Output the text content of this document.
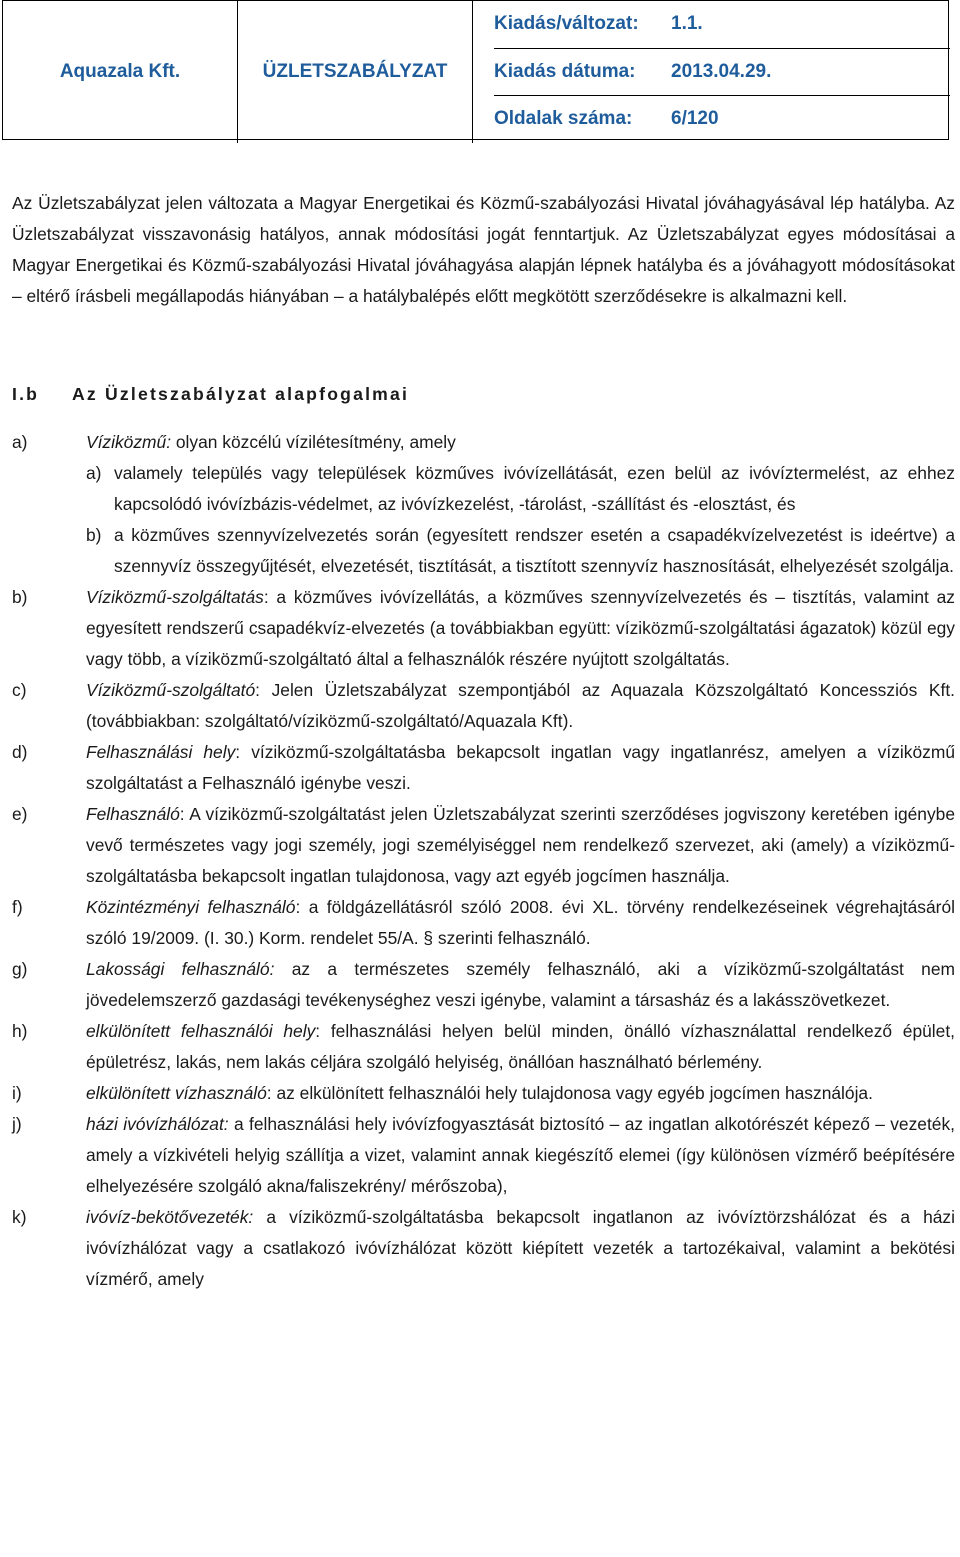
Aquazala Kft.	ÜZLETSZABÁLYZAT
Kiadás/változat:	1.1.
Kiadás dátuma:	2013.04.29.
Oldalak száma:	6/120

Az Üzletszabályzat jelen változata a Magyar Energetikai és Közmű-szabályozási Hivatal jóváhagyásával lép hatályba. Az Üzletszabályzat visszavonásig hatályos, annak módosítási jogát fenntartjuk. Az Üzletszabályzat egyes módosításai a Magyar Energetikai és Közmű-szabályozási Hivatal jóváhagyása alapján lépnek hatályba és a jóváhagyott módosításokat – eltérő írásbeli megállapodás hiányában – a hatálybalépés előtt megkötött szerződésekre is alkalmazni kell.

I.b Az Üzletszabályzat alapfogalmai
a)	Víziközmű: olyan közcélú vízilétesítmény, amely
a) valamely település vagy települések közműves ivóvízellátását, ezen belül az ivóvíztermelést, az ehhez kapcsolódó ivóvízbázis-védelmet, az ivóvízkezelést, -tárolást, -szállítást és -elosztást, és
b) a közműves szennyvízelvezetés során (egyesített rendszer esetén a csapadékvízelvezetést is ideértve) a szennyvíz összegyűjtését, elvezetését, tisztítását, a tisztított szennyvíz hasznosítását, elhelyezését szolgálja.
b)	Víziközmű-szolgáltatás: a közműves ivóvízellátás, a közműves szennyvízelvezetés és – tisztítás, valamint az egyesített rendszerű csapadékvíz-elvezetés (a továbbiakban együtt: víziközmű-szolgáltatási ágazatok) közül egy vagy több, a víziközmű-szolgáltató által a felhasználók részére nyújtott szolgáltatás.
c)	Víziközmű-szolgáltató: Jelen Üzletszabályzat szempontjából az Aquazala Közszolgáltató Koncessziós Kft. (továbbiakban: szolgáltató/víziközmű-szolgáltató/Aquazala Kft).
d)	Felhasználási hely: víziközmű-szolgáltatásba bekapcsolt ingatlan vagy ingatlanrész, amelyen a víziközmű szolgáltatást a Felhasználó igénybe veszi.
e)	Felhasználó: A víziközmű-szolgáltatást jelen Üzletszabályzat szerinti szerződéses jogviszony keretében igénybe vevő természetes vagy jogi személy, jogi személyiséggel nem rendelkező szervezet, aki (amely) a víziközmű-szolgáltatásba bekapcsolt ingatlan tulajdonosa, vagy azt egyéb jogcímen használja.
f)	Közintézményi felhasználó: a földgázellátásról szóló 2008. évi XL. törvény rendelkezéseinek végrehajtásáról szóló 19/2009. (I. 30.) Korm. rendelet 55/A. § szerinti felhasználó.
g)	Lakossági felhasználó: az a természetes személy felhasználó, aki a víziközmű-szolgáltatást nem jövedelemszerző gazdasági tevékenységhez veszi igénybe, valamint a társasház és a lakásszövetkezet.
h)	elkülönített felhasználói hely: felhasználási helyen belül minden, önálló vízhasználattal rendelkező épület, épületrész, lakás, nem lakás céljára szolgáló helyiség, önállóan használható bérlemény.
i)	elkülönített vízhasználó: az elkülönített felhasználói hely tulajdonosa vagy egyéb jogcímen használója.
j)	házi ivóvízhálózat: a felhasználási hely ivóvízfogyasztását biztosító – az ingatlan alkotórészét képező – vezeték, amely a vízkivételi helyig szállítja a vizet, valamint annak kiegészítő elemei (így különösen vízmérő beépítésére elhelyezésére szolgáló akna/faliszekrény/ mérőszoba),
k)	ivóvíz-bekötővezeték: a víziközmű-szolgáltatásba bekapcsolt ingatlanon az ivóvíztörzshálózat és a házi ivóvízhálózat vagy a csatlakozó ivóvízhálózat között kiépített vezeték a tartozékaival, valamint a bekötési vízmérő, amely
